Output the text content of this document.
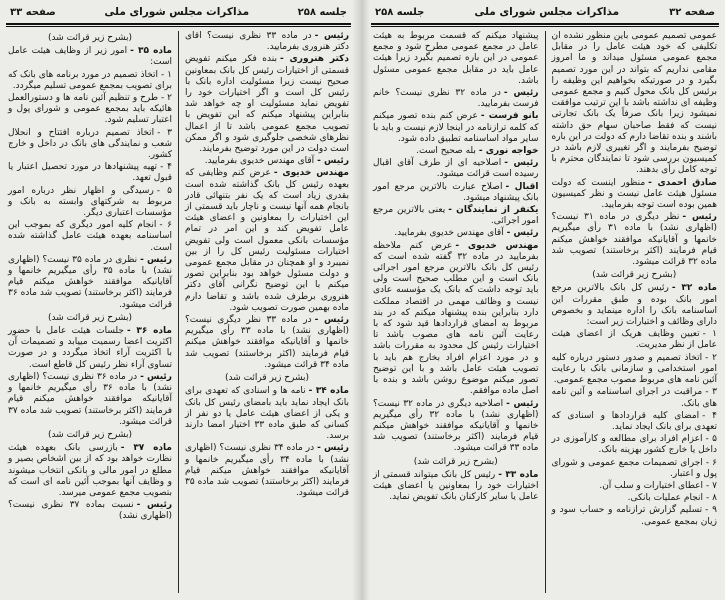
جلسه ۲۵۸
مذاکرات مجلس شورای ملی
صفحه ۳۳

رئیس -در ماده ۳۳ نظری نیست؟ آقای دکتر هنروری بفرمایید.

دکتر هنروری -بنده فکر میکنم تفویض قسمتی از اختیارات رئیس کل بانک بمعاونین صحیح نیست زیرا مسئولیت اداره بانک با رئیس کل است و اگر اختیارات خود را تفویض نماید مسئولیت او چه خواهد شد بنابراین پیشنهاد میکنم که این تفویض با تصویب مجمع عمومی باشد تا از اعمال نظرهای شخصی جلوگیری شود و اگر ممکن است دولت در این مورد توضیح بفرمایند.

رئیس -آقای مهندس خدیوی بفرمایید.

مهندس خدیوی -عرض کنم وظایفی که بعهده رئیس کل بانک گذاشته شده است بقدری زیاد است که یک نفر بتنهائی قادر بانجام همه آنها نیست و ناچار باید قسمتی از این اختیارات را بمعاونین و اعضای هیئت عامل تفویض کند و این امر در تمام مؤسسات بانکی معمول است ولی تفویض اختیارات مسئولیت رئیس کل را از بین نمیبرد و او همچنان در مقابل مجمع عمومی و دولت مسئول خواهد بود بنابراین تصور میکنم با این توضیح نگرانی آقای دکتر هنروری برطرف شده باشد و تقاضا دارم ماده بهمین صورت تصویب شود.

رئیس -در ماده ۳۳ نظر دیگری نیست؟ (اظهاری نشد) با ماده ۳۳ رأی میگیریم خانمها و آقایانیکه موافقند خواهش میکنم قیام فرمایند (اکثر برخاستند) تصویب شد ماده ۳۴ قرائت میشود.

(بشرح زیر قرائت شد)

ماده ۳۴ -نامه ها و اسنادی که تعهدی برای بانک ایجاد نماید باید بامضای رئیس کل بانک و یکی از اعضای هیئت عامل یا دو نفر از کسانی که طبق ماده ۳۳ اختیار امضا دارند برسد.

رئیس -در ماده ۳۴ نظری نیست؟ (اظهاری نشد) با ماده ۳۴ رأی میگیریم خانمها و آقایانیکه موافقند خواهش میکنم قیام فرمایند (اکثر برخاستند) تصویب شد ماده ۳۵ قرائت میشود.

(بشرح زیر قرائت شد)

ماده ۳۵ -امور زیر از وظایف هیئت عامل است:

۱ -اتخاذ تصمیم در مورد برنامه های بانک که برای تصویب بمجمع عمومی تسلیم میگردد.

۲ -طرح و تنظیم آئین نامه ها و دستورالعمل هائیکه باید بمجمع عمومی و شورای پول و اعتبار تسلیم شود.

۳ -اتخاذ تصمیم درباره افتتاح و انحلال شعب و نمایندگی های بانک در داخل و خارج کشور.

۴ -تهیه پیشنهادها در مورد تحصیل اعتبار یا قبول تعهد.

۵ -رسیدگی و اظهار نظر درباره امور مربوط به شرکتهای وابسته به بانک و مؤسسات اعتباری دیگر.

۶ -انجام کلیه امور دیگری که بموجب این اساسنامه بعهده هیئت عامل گذاشته شده است.

رئیس -نظری در ماده ۳۵ نیست؟ (اظهاری نشد) با ماده ۳۵ رأی میگیریم خانمها و آقایانیکه موافقند خواهش میکنم قیام فرمایند (اکثر برخاستند) تصویب شد ماده ۳۶ قرائت میشود.

(بشرح زیر قرائت شد)

ماده ۳۶ -جلسات هیئت عامل با حضور اکثریت اعضا رسمیت مییابد و تصمیمات آن با اکثریت آراء اتخاذ میگردد و در صورت تساوی آراء نظر رئیس کل قاطع است.

رئیس -در ماده ۳۶ نظری نیست؟ (اظهاری نشد) با ماده ۳۶ رأی میگیریم خانمها و آقایانیکه موافقند خواهش میکنم قیام فرمایند (اکثر برخاستند) تصویب شد ماده ۳۷ قرائت میشود.

(بشرح زیر قرائت شد)

ماده ۳۷ -بازرسی بانک بعهده هیئت نظارت خواهد بود که از بین اشخاص بصیر و مطلع در امور مالی و بانکی انتخاب میشوند و وظایف آنها بموجب آئین نامه ای است که بتصویب مجمع عمومی میرسد.

رئیس -نسبت بماده ۳۷ نظری نیست؟ (اظهاری نشد)

صفحه ۳۲
مذاکرات مجلس شورای ملی
جلسه ۲۵۸

عمومی تصمیم عمومی باین منظور نشده آن تکلیفی که خود هیئت عامل را در مقابل مجمع عمومی مسئول میداند و ما امروز مقامی نداریم که بتواند در این مورد تصمیم بگیرد و در صورتیکه بخواهیم این وظیفه را برئیس کل بانک محول کنیم و مجمع عمومی وظیفه ای نداشته باشد با این ترتیب موافقت نمیشود زیرا بانک صرفاً یک بانک تجارتی نیست که فقط صاحبان سهام حق داشته باشند و بنده تقاضا دارم که دولت در این باره توضیح بفرمایند و اگر تغییری لازم باشد در کمیسیون بررسی شود تا نمایندگان محترم با توجه کامل رأی بدهند.

صادق احمدی -منظور اینست که دولت مسئول هیئت عامل نیست و نظر کمیسیون همین بوده است توجه بفرمایید.

رئیس -نظر دیگری در ماده ۳۱ نیست؟ (اظهاری نشد) با ماده ۳۱ رأی میگیریم خانمها و آقایانیکه موافقند خواهش میکنم قیام فرمایند (اکثر برخاستند) تصویب شد ماده ۳۲ قرائت میشود.

(بشرح زیر قرائت شد)

ماده ۳۲ -رئیس کل بانک بالاترین مرجع امور بانک بوده و طبق مقررات این اساسنامه بانک را اداره مینماید و بخصوص دارای وظائف و اختیارات زیر است:

۱ -تعیین وظایف هریک از اعضای هیئت عامل از نظر مدیریت.

۲ -اتخاذ تصمیم و صدور دستور درباره کلیه امور استخدامی و سازمانی بانک با رعایت آئین نامه های مربوط مصوب مجمع عمومی.

۳ -مراقبت در اجرای اساسنامه و آئین نامه های بانک.

۴ -امضای کلیه قراردادها و اسنادی که تعهدی برای بانک ایجاد نماید.

۵ -اعزام افراد برای مطالعه و کارآموزی در داخل یا خارج کشور بهزینه بانک.

۶ -اجرای تصمیمات مجمع عمومی و شورای پول و اعتبار.

۷ -اعطای اختیارات و سلب آن.

۸ -انجام عملیات بانکی.

۹ -تسلیم گزارش ترازنامه و حساب سود و زیان بمجمع عمومی.

پیشنهاد میکنم که قسمت مربوط به هیئت عامل در مجمع عمومی مطرح شود و مجمع عمومی در این باره تصمیم بگیرد زیرا هیئت عامل باید در مقابل مجمع عمومی مسئول باشد.

رئیس -در ماده ۳۲ نظری نیست؟ خانم فرست بفرمایید.

بانو فرست -عرض کنم بنده تصور میکنم که کلمه ترازنامه در اینجا لازم نیست و باید با سایر مواد اساسنامه تطبیق داده شود.

خواجه نوری -بله صحیح است.

رئیس -اصلاحیه ای از طرف آقای اقبال رسیده است قرائت میشود.

اقبال -اصلاح عبارت بالاترین مرجع امور بانک پیشنهاد میشود.

یکنفر از نمایندگان -یعنی بالاترین مرجع امور اجرائی.

رئیس -آقای مهندس خدیوی بفرمایید.

مهندس خدیوی -عرض کنم ملاحظه بفرمایید در ماده ۳۲ گفته شده است که رئیس کل بانک بالاترین مرجع امور اجرائی بانک است و این مطلب صحیح است ولی باید توجه داشت که بانک یک مؤسسه عادی نیست و وظائف مهمی در اقتصاد مملکت دارد بنابراین بنده پیشنهاد میکنم که در بند مربوط به امضای قراردادها قید شود که با رعایت آئین نامه های مصوب باشد تا اختیارات رئیس کل محدود به مقررات باشد و در مورد اعزام افراد بخارج هم باید با تصویب هیئت عامل باشد و با این توضیح تصور میکنم موضوع روشن باشد و بنده با اصل ماده موافقم.

رئیس -اصلاحیه دیگری در ماده ۳۲ نیست؟ (اظهاری نشد) با ماده ۳۲ رأی میگیریم خانمها و آقایانیکه موافقند خواهش میکنم قیام فرمایند (اکثر برخاستند) تصویب شد ماده ۳۳ قرائت میشود.

(بشرح زیر قرائت شد)

ماده ۳۳ -رئیس کل بانک میتواند قسمتی از اختیارات خود را بمعاونین یا اعضای هیئت عامل یا سایر کارکنان بانک تفویض نماید.
